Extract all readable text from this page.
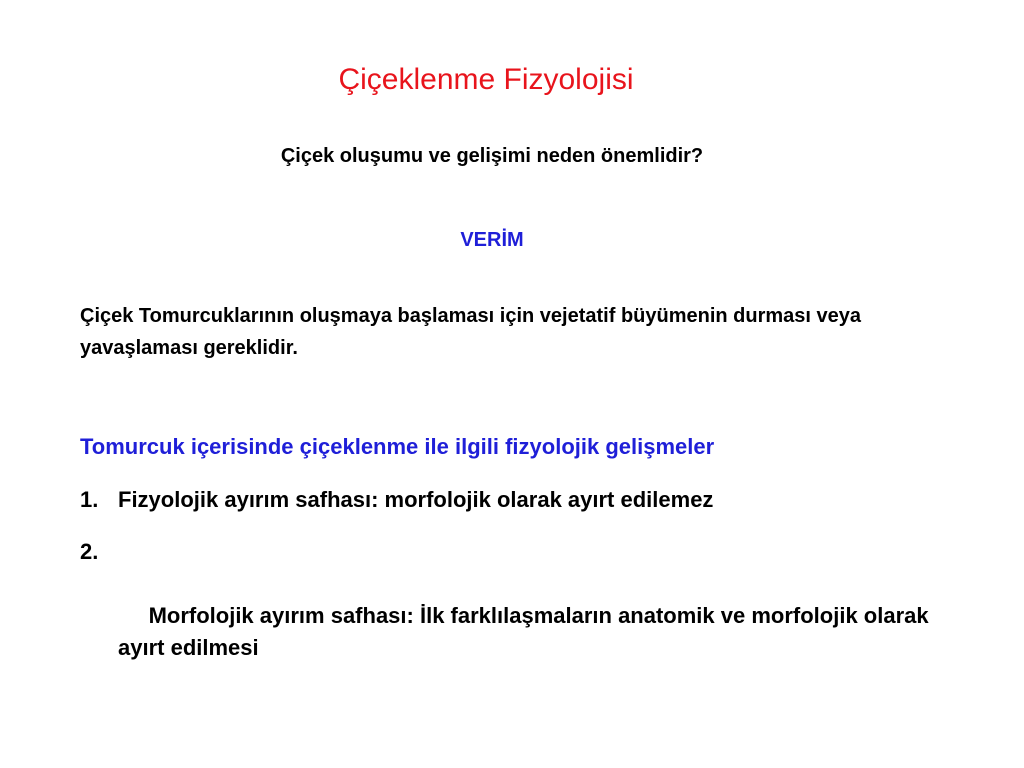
Çiçeklenme Fizyolojisi
Çiçek oluşumu ve gelişimi neden önemlidir?
VERİM
Çiçek Tomurcuklarının oluşmaya başlaması için vejetatif büyümenin durması veya yavaşlaması gereklidir.
Tomurcuk içerisinde çiçeklenme ile ilgili fizyolojik gelişmeler
1. Fizyolojik ayırım safhası: morfolojik olarak ayırt edilemez

2.

Morfolojik ayırım safhası: İlk farklılaşmaların anatomik ve morfolojik olarak ayırt edilmesi
